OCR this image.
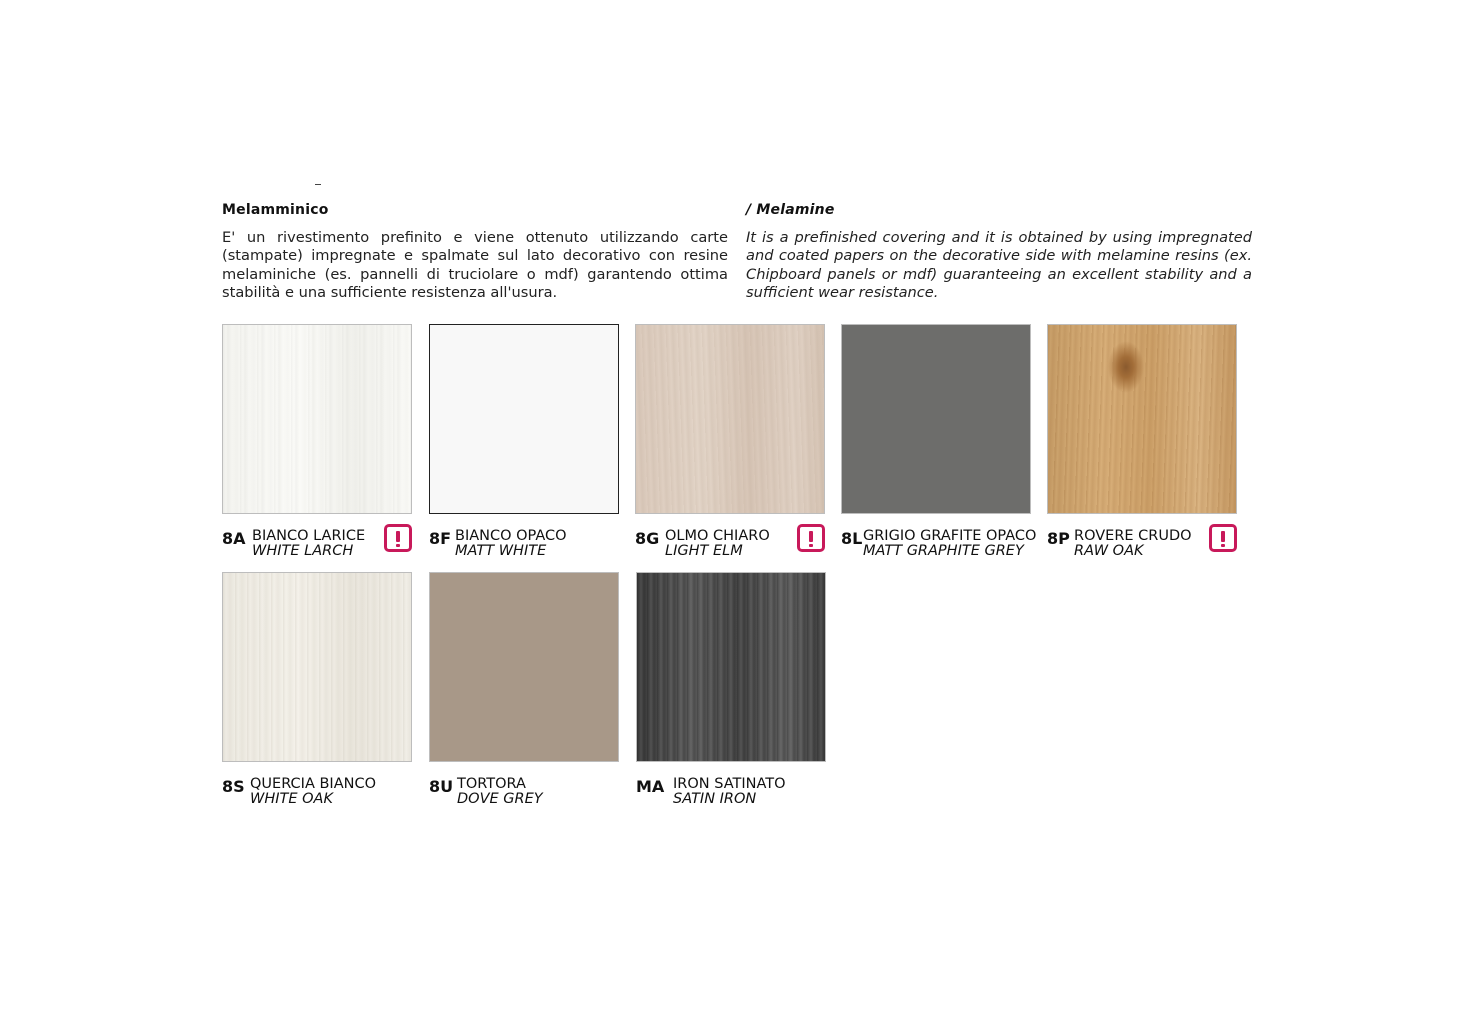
Melamminico

E' un rivestimento prefinito e viene ottenuto utilizzando carte (stampate) impregnate e spalmate sul lato decorativo con resine melaminiche (es. pannelli di truciolare o mdf) garantendo ottima stabilità e una sufficiente resistenza all'usura.

/ Melamine

It is a prefinished covering and it is obtained by using impregnated and coated papers on the decorative side with melamine resins (ex. Chipboard panels or mdf) guaranteeing an excellent stability and a sufficient wear resistance.

8A BIANCO LARICE
WHITE LARCH
8F BIANCO OPACO
MATT WHITE
8G OLMO CHIARO
LIGHT ELM
8L GRIGIO GRAFITE OPACO
MATT GRAPHITE GREY
8P ROVERE CRUDO
RAW OAK
8S QUERCIA BIANCO
WHITE OAK
8U TORTORA
DOVE GREY
MA IRON SATINATO
SATIN IRON
